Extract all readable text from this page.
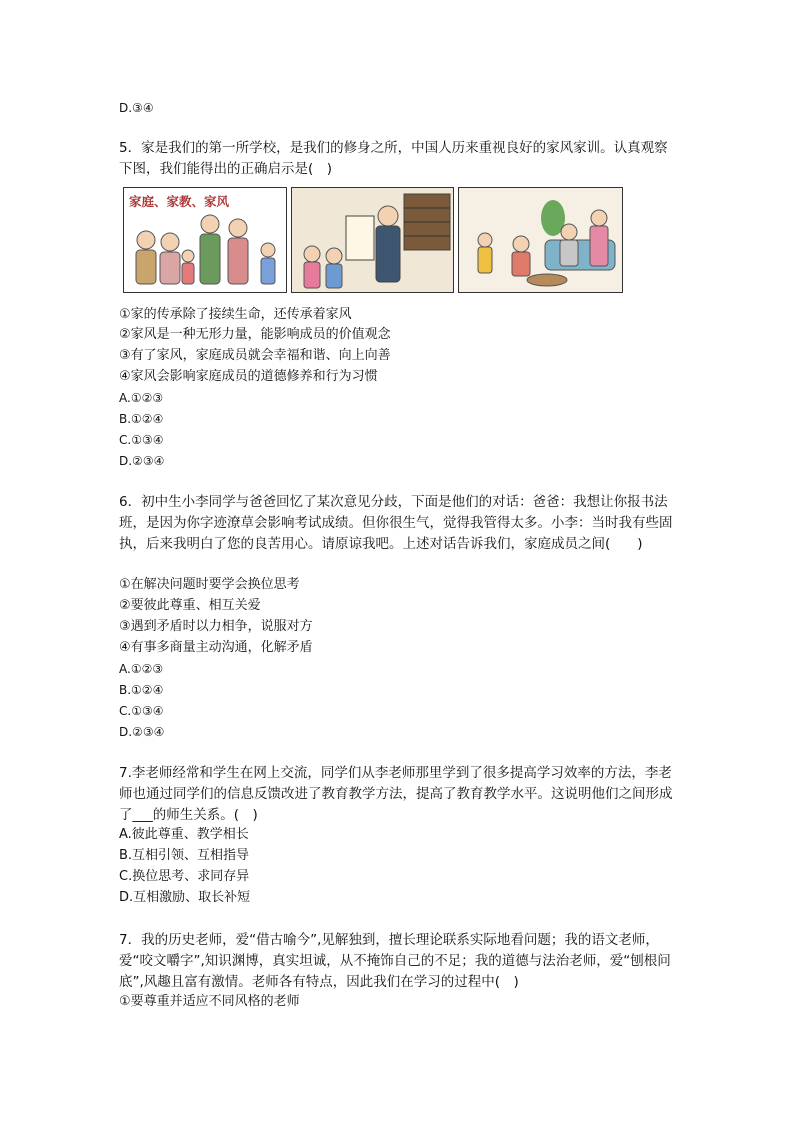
D.③④
5．家是我们的第一所学校，是我们的修身之所，中国人历来重视良好的家风家训。认真观察下图，我们能得出的正确启示是(　)
家庭、家教、家风
①家的传承除了接续生命，还传承着家风
②家风是一种无形力量，能影响成员的价值观念
③有了家风，家庭成员就会幸福和谐、向上向善
④家风会影响家庭成员的道德修养和行为习惯
A.①②③
B.①②④
C.①③④
D.②③④
6．初中生小李同学与爸爸回忆了某次意见分歧，下面是他们的对话：爸爸：我想让你报书法班，是因为你字迹潦草会影响考试成绩。但你很生气，觉得我管得太多。小李：当时我有些固执，后来我明白了您的良苦用心。请原谅我吧。上述对话告诉我们，家庭成员之间(　　)
①在解决问题时要学会换位思考
②要彼此尊重、相互关爱
③遇到矛盾时以力相争，说服对方
④有事多商量主动沟通，化解矛盾
A.①②③
B.①②④
C.①③④
D.②③④
7.李老师经常和学生在网上交流，同学们从李老师那里学到了很多提高学习效率的方法，李老师也通过同学们的信息反馈改进了教育教学方法，提高了教育教学水平。这说明他们之间形成了___的师生关系。(　)
A.彼此尊重、教学相长
B.互相引领、互相指导
C.换位思考、求同存异
D.互相激励、取长补短
7．我的历史老师，爱“借古喻今”,见解独到，擅长理论联系实际地看问题；我的语文老师，爱“咬文嚼字”,知识渊博，真实坦诚，从不掩饰自己的不足；我的道德与法治老师，爱“刨根问底”,风趣且富有激情。老师各有特点，因此我们在学习的过程中(　)
①要尊重并适应不同风格的老师
